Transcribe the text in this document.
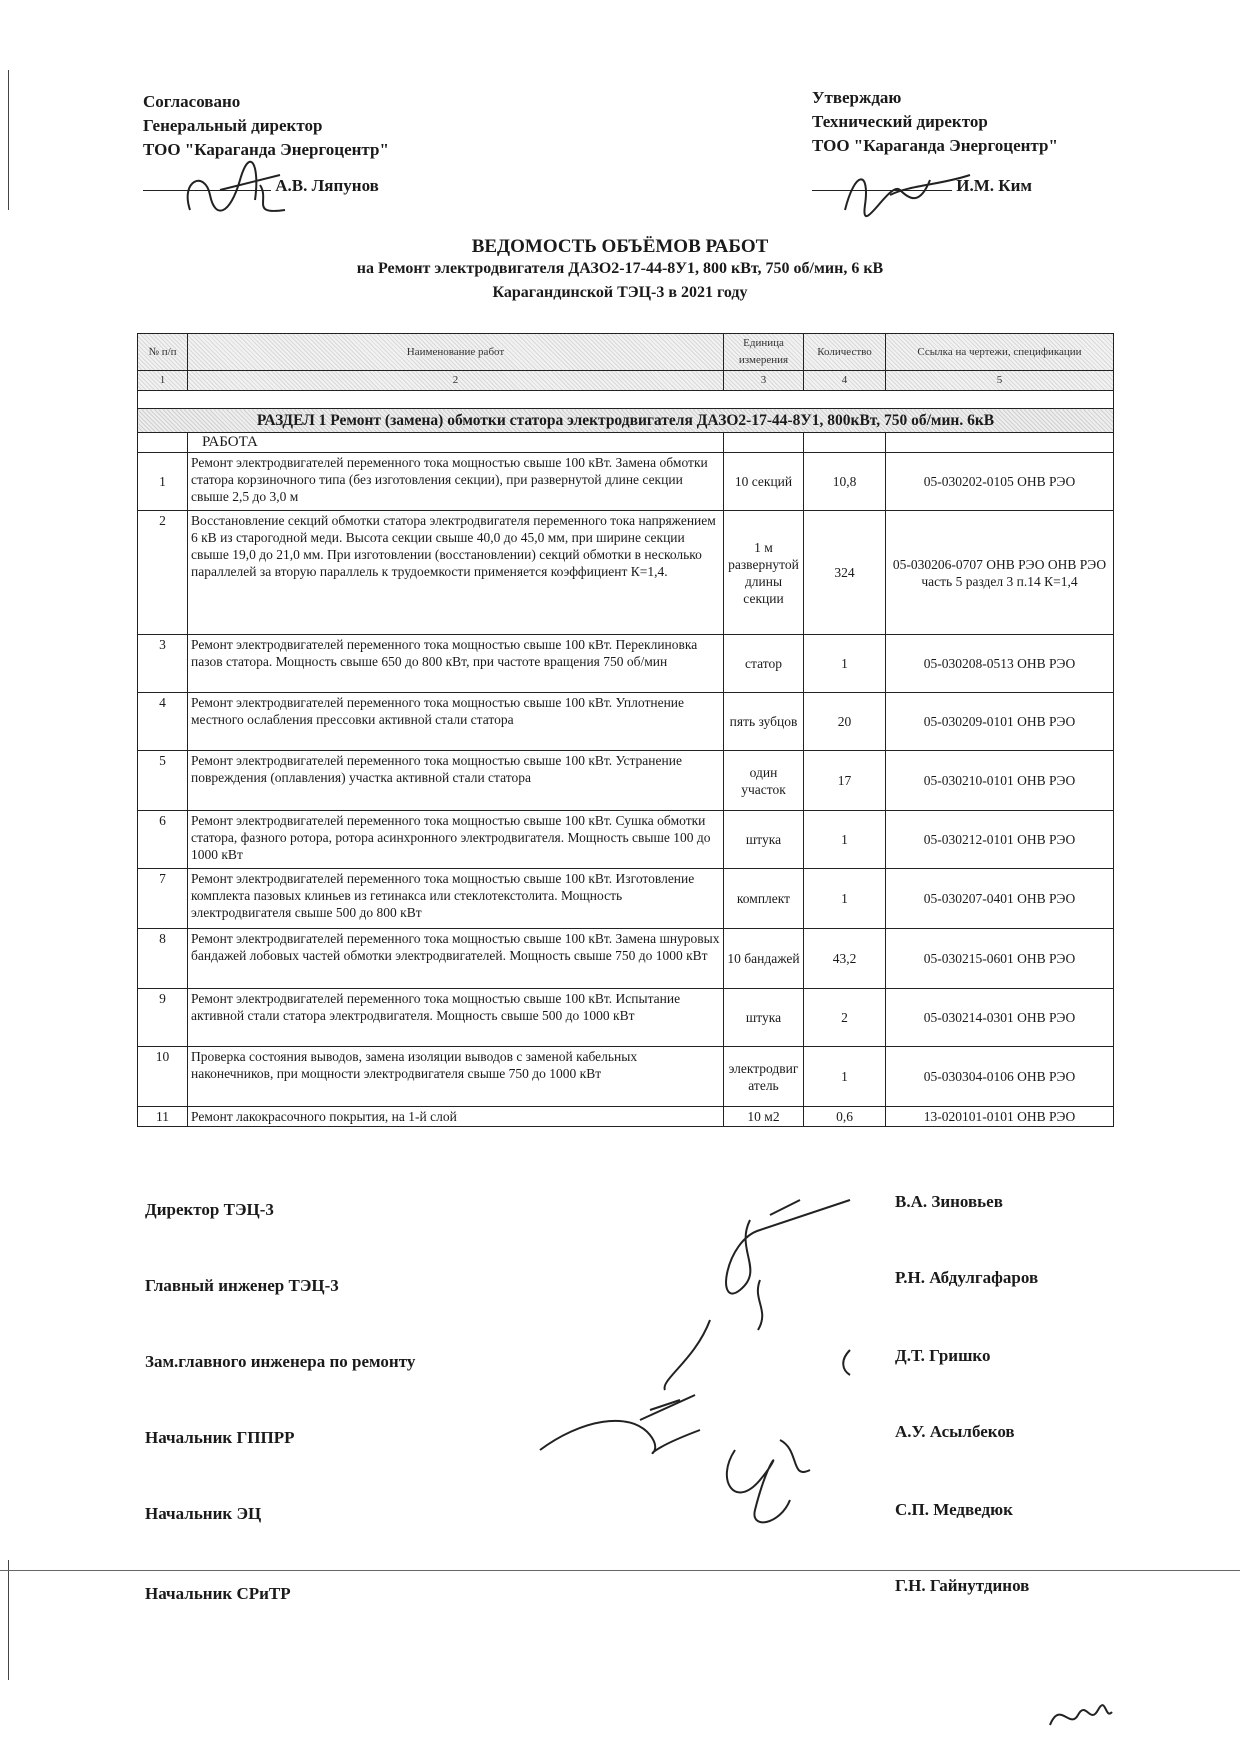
Согласовано
Генеральный директор
ТОО "Караганда Энергоцентр"
А.В. Ляпунов
Утверждаю
Технический директор
ТОО "Караганда Энергоцентр"
И.М. Ким
ВЕДОМОСТЬ ОБЪЁМОВ РАБОТ
на Ремонт электродвигателя ДАЗО2-17-44-8У1, 800 кВт, 750 об/мин, 6 кВ
Карагандинской ТЭЦ-3 в 2021 году
№ п/п	Наименование работ	Единица измерения	Количество	Ссылка на чертежи, спецификации
1	2	3	4	5

РАЗДЕЛ 1 Ремонт (замена) обмотки статора электродвигателя ДАЗО2-17-44-8У1, 800кВт, 750 об/мин. 6кВ				
	РАБОТА			
1	Ремонт электродвигателей переменного тока мощностью свыше 100 кВт. Замена обмотки статора корзиночного типа (без изготовления секции), при развернутой длине секции свыше 2,5 до 3,0 м	10 секций	10,8	05-030202-0105 ОНВ РЭО
2	Восстановление секций обмотки статора электродвигателя переменного тока напряжением 6 кВ из старогодной меди. Высота секции свыше 40,0 до 45,0 мм, при ширине секции свыше 19,0 до 21,0 мм. При изготовлении (восстановлении) секций обмотки в несколько параллелей за вторую параллель к трудоемкости применяется коэффициент К=1,4.	1 м развернутой длины секции	324	05-030206-0707 ОНВ РЭО ОНВ РЭО часть 5 раздел 3 п.14 К=1,4
3	Ремонт электродвигателей переменного тока мощностью свыше 100 кВт. Переклиновка пазов статора. Мощность свыше 650 до 800 кВт, при частоте вращения 750 об/мин	статор	1	05-030208-0513 ОНВ РЭО
4	Ремонт электродвигателей переменного тока мощностью свыше 100 кВт. Уплотнение местного ослабления прессовки активной стали статора	пять зубцов	20	05-030209-0101 ОНВ РЭО
5	Ремонт электродвигателей переменного тока мощностью свыше 100 кВт. Устранение повреждения (оплавления) участка активной стали статора	один участок	17	05-030210-0101 ОНВ РЭО
6	Ремонт электродвигателей переменного тока мощностью свыше 100 кВт. Сушка обмотки статора, фазного ротора, ротора асинхронного электродвигателя. Мощность свыше 100 до 1000 кВт	штука	1	05-030212-0101 ОНВ РЭО
7	Ремонт электродвигателей переменного тока мощностью свыше 100 кВт. Изготовление комплекта пазовых клиньев из гетинакса или стеклотекстолита. Мощность электродвигателя свыше 500 до 800 кВт	комплект	1	05-030207-0401 ОНВ РЭО
8	Ремонт электродвигателей переменного тока мощностью свыше 100 кВт. Замена шнуровых бандажей лобовых частей обмотки электродвигателей. Мощность свыше 750 до 1000 кВт	10 бандажей	43,2	05-030215-0601 ОНВ РЭО
9	Ремонт электродвигателей переменного тока мощностью свыше 100 кВт. Испытание активной стали статора электродвигателя. Мощность свыше 500 до 1000 кВт	штука	2	05-030214-0301 ОНВ РЭО
10	Проверка состояния выводов, замена изоляции выводов с заменой кабельных наконечников, при мощности электродвигателя свыше 750 до 1000 кВт	электродвигатель	1	05-030304-0106 ОНВ РЭО
11	Ремонт лакокрасочного покрытия, на 1-й слой	10 м2	0,6	13-020101-0101 ОНВ РЭО
Директор ТЭЦ-3	В.А. Зиновьев
Главный инженер ТЭЦ-3	Р.Н. Абдулгафаров
Зам.главного инженера по ремонту	Д.Т. Гришко
Начальник ГППРР	А.У. Асылбеков
Начальник ЭЦ	С.П. Медведюк
Начальник СРиТР	Г.Н. Гайнутдинов
